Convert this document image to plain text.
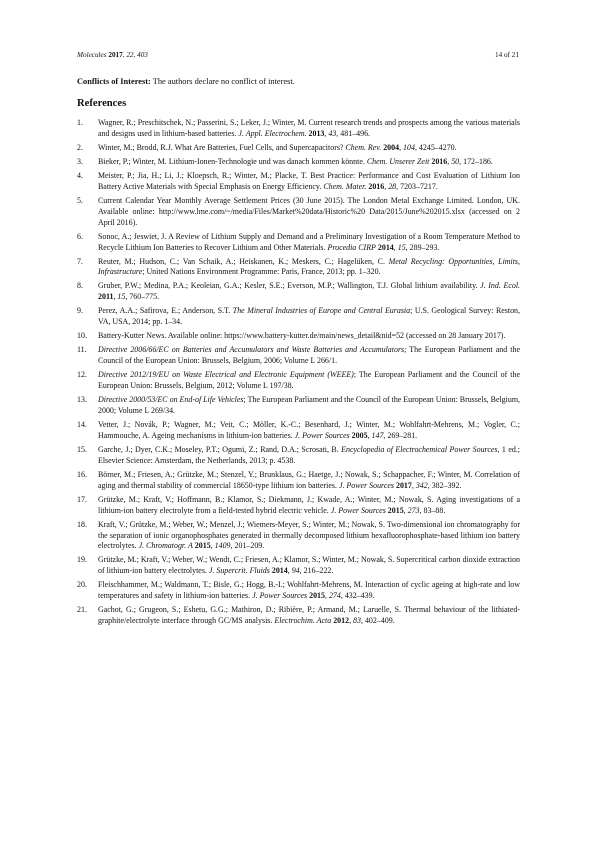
Molecules 2017, 22, 403	14 of 21
Conflicts of Interest: The authors declare no conflict of interest.
References
1.	Wagner, R.; Preschitschek, N.; Passerini, S.; Leker, J.; Winter, M. Current research trends and prospects among the various materials and designs used in lithium-based batteries. J. Appl. Electrochem. 2013, 43, 481–496.
2.	Winter, M.; Brodd, R.J. What Are Batteries, Fuel Cells, and Supercapacitors? Chem. Rev. 2004, 104, 4245–4270.
3.	Bieker, P.; Winter, M. Lithium-Ionen-Technologie und was danach kommen könnte. Chem. Unserer Zeit 2016, 50, 172–186.
4.	Meister, P.; Jia, H.; Li, J.; Kloepsch, R.; Winter, M.; Placke, T. Best Practice: Performance and Cost Evaluation of Lithium Ion Battery Active Materials with Special Emphasis on Energy Efficiency. Chem. Mater. 2016, 28, 7203–7217.
5.	Current Calendar Year Monthly Average Settlement Prices (30 June 2015). The London Metal Exchange Limited. London, UK. Available online: http://www.lme.com/~/media/Files/Market%20data/Historic%20 Data/2015/June%202015.xlsx (accessed on 2 April 2016).
6.	Sonoc, A.; Jeswiet, J. A Review of Lithium Supply and Demand and a Preliminary Investigation of a Room Temperature Method to Recycle Lithium Ion Batteries to Recover Lithium and Other Materials. Procedia CIRP 2014, 15, 289–293.
7.	Reuter, M.; Hudson, C.; Van Schaik, A.; Heiskanen, K.; Meskers, C.; Hagelüken, C. Metal Recycling: Opportunities, Limits, Infrastructure; United Nations Environment Programme: Paris, France, 2013; pp. 1–320.
8.	Gruber, P.W.; Medina, P.A.; Keoleian, G.A.; Kesler, S.E.; Everson, M.P.; Wallington, T.J. Global lithium availability. J. Ind. Ecol. 2011, 15, 760–775.
9.	Perez, A.A.; Safirova, E.; Anderson, S.T. The Mineral Industries of Europe and Central Eurasia; U.S. Geological Survey: Reston, VA, USA, 2014; pp. 1–34.
10.	Battery-Kutter News. Available online: https://www.battery-kutter.de/main/news_detail&nid=52 (accessed on 28 January 2017).
11.	Directive 2006/66/EC on Batteries and Accumulators and Waste Batteries and Accumulators; The European Parliament and the Council of the European Union: Brussels, Belgium, 2006; Volume L 266/1.
12.	Directive 2012/19/EU on Waste Electrical and Electronic Equipment (WEEE); The European Parliament and the Council of the European Union: Brussels, Belgium, 2012; Volume L 197/38.
13.	Directive 2000/53/EC on End-of Life Vehicles; The European Parliament and the Council of the European Union: Brussels, Belgium, 2000; Volume L 269/34.
14.	Vetter, J.; Novák, P.; Wagner, M.; Veit, C.; Möller, K.-C.; Besenhard, J.; Winter, M.; Wohlfahrt-Mehrens, M.; Vogler, C.; Hammouche, A. Ageing mechanisms in lithium-ion batteries. J. Power Sources 2005, 147, 269–281.
15.	Garche, J.; Dyer, C.K.; Moseley, P.T.; Ogumi, Z.; Rand, D.A.; Scrosati, B. Encyclopedia of Electrochemical Power Sources, 1 ed.; Elsevier Science: Amsterdam, the Netherlands, 2013; p. 4538.
16.	Börner, M.; Friesen, A.; Grützke, M.; Stenzel, Y.; Brunklaus, G.; Haetge, J.; Nowak, S.; Schappacher, F.; Winter, M. Correlation of aging and thermal stability of commercial 18650-type lithium ion batteries. J. Power Sources 2017, 342, 382–392.
17.	Grützke, M.; Kraft, V.; Hoffmann, B.; Klamor, S.; Diekmann, J.; Kwade, A.; Winter, M.; Nowak, S. Aging investigations of a lithium-ion battery electrolyte from a field-tested hybrid electric vehicle. J. Power Sources 2015, 273, 83–88.
18.	Kraft, V.; Grützke, M.; Weber, W.; Menzel, J.; Wiemers-Meyer, S.; Winter, M.; Nowak, S. Two-dimensional ion chromatography for the separation of ionic organophosphates generated in thermally decomposed lithium hexafluorophosphate-based lithium ion battery electrolytes. J. Chromatogr. A 2015, 1409, 201–209.
19.	Grützke, M.; Kraft, V.; Weber, W.; Wendt, C.; Friesen, A.; Klamor, S.; Winter, M.; Nowak, S. Supercritical carbon dioxide extraction of lithium-ion battery electrolytes. J. Supercrit. Fluids 2014, 94, 216–222.
20.	Fleischhammer, M.; Waldmann, T.; Bisle, G.; Hogg, B.-I.; Wohlfahrt-Mehrens, M. Interaction of cyclic ageing at high-rate and low temperatures and safety in lithium-ion batteries. J. Power Sources 2015, 274, 432–439.
21.	Gachot, G.; Grugeon, S.; Eshetu, G.G.; Mathiron, D.; Ribière, P.; Armand, M.; Laruelle, S. Thermal behaviour of the lithiated-graphite/electrolyte interface through GC/MS analysis. Electrochim. Acta 2012, 83, 402–409.
